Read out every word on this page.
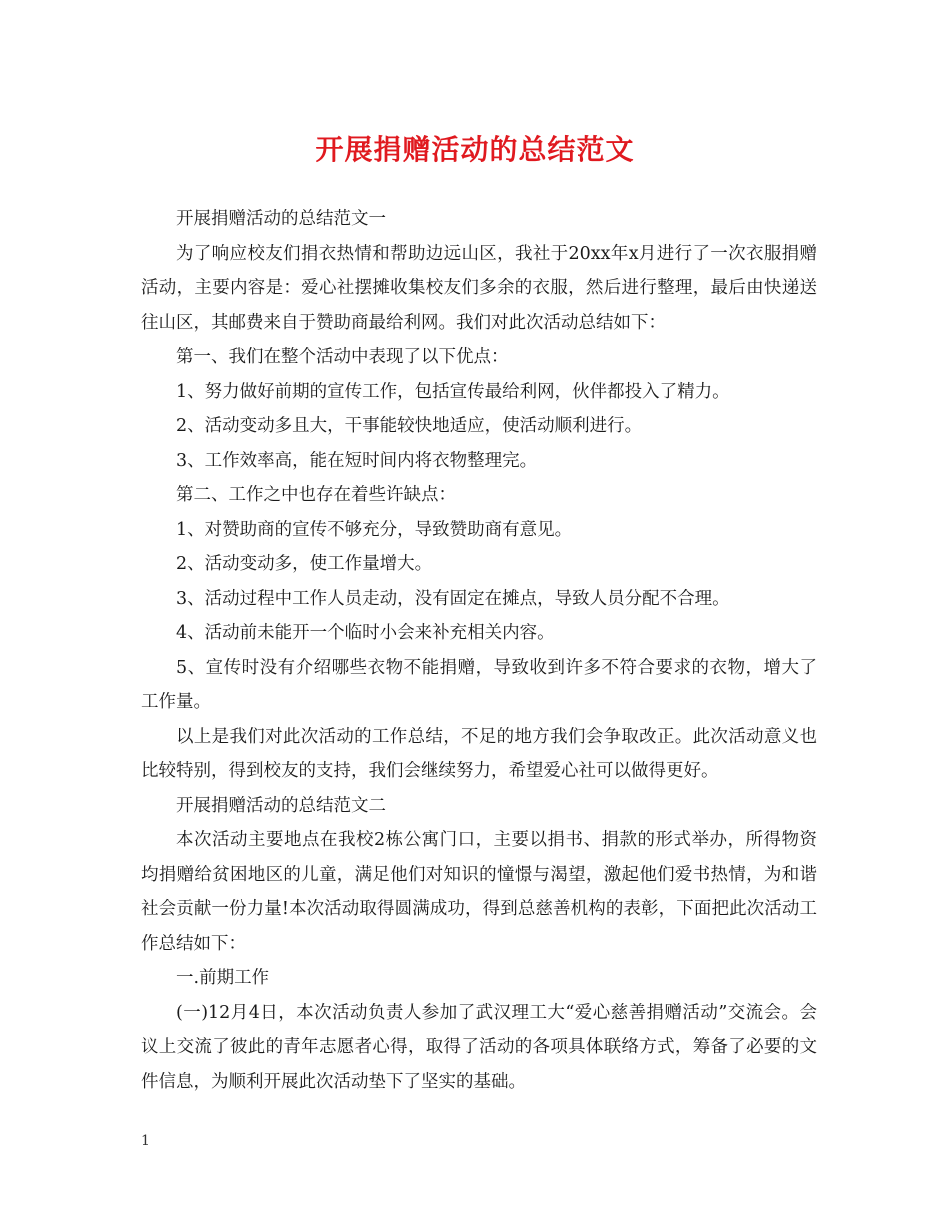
开展捐赠活动的总结范文

开展捐赠活动的总结范文一

为了响应校友们捐衣热情和帮助边远山区，我社于20xx年x月进行了一次衣服捐赠活动，主要内容是：爱心社摆摊收集校友们多余的衣服，然后进行整理，最后由快递送往山区，其邮费来自于赞助商最给利网。我们对此次活动总结如下：

第一、我们在整个活动中表现了以下优点：

1、努力做好前期的宣传工作，包括宣传最给利网，伙伴都投入了精力。

2、活动变动多且大，干事能较快地适应，使活动顺利进行。

3、工作效率高，能在短时间内将衣物整理完。

第二、工作之中也存在着些许缺点：

1、对赞助商的宣传不够充分，导致赞助商有意见。

2、活动变动多，使工作量增大。

3、活动过程中工作人员走动，没有固定在摊点，导致人员分配不合理。

4、活动前未能开一个临时小会来补充相关内容。

5、宣传时没有介绍哪些衣物不能捐赠，导致收到许多不符合要求的衣物，增大了工作量。

以上是我们对此次活动的工作总结，不足的地方我们会争取改正。此次活动意义也比较特别，得到校友的支持，我们会继续努力，希望爱心社可以做得更好。

开展捐赠活动的总结范文二

本次活动主要地点在我校2栋公寓门口，主要以捐书、捐款的形式举办，所得物资均捐赠给贫困地区的儿童，满足他们对知识的憧憬与渴望，激起他们爱书热情，为和谐社会贡献一份力量!本次活动取得圆满成功，得到总慈善机构的表彰，下面把此次活动工作总结如下：

一.前期工作

(一)12月4日，本次活动负责人参加了武汉理工大“爱心慈善捐赠活动”交流会。会议上交流了彼此的青年志愿者心得，取得了活动的各项具体联络方式，筹备了必要的文件信息，为顺利开展此次活动垫下了坚实的基础。

1
